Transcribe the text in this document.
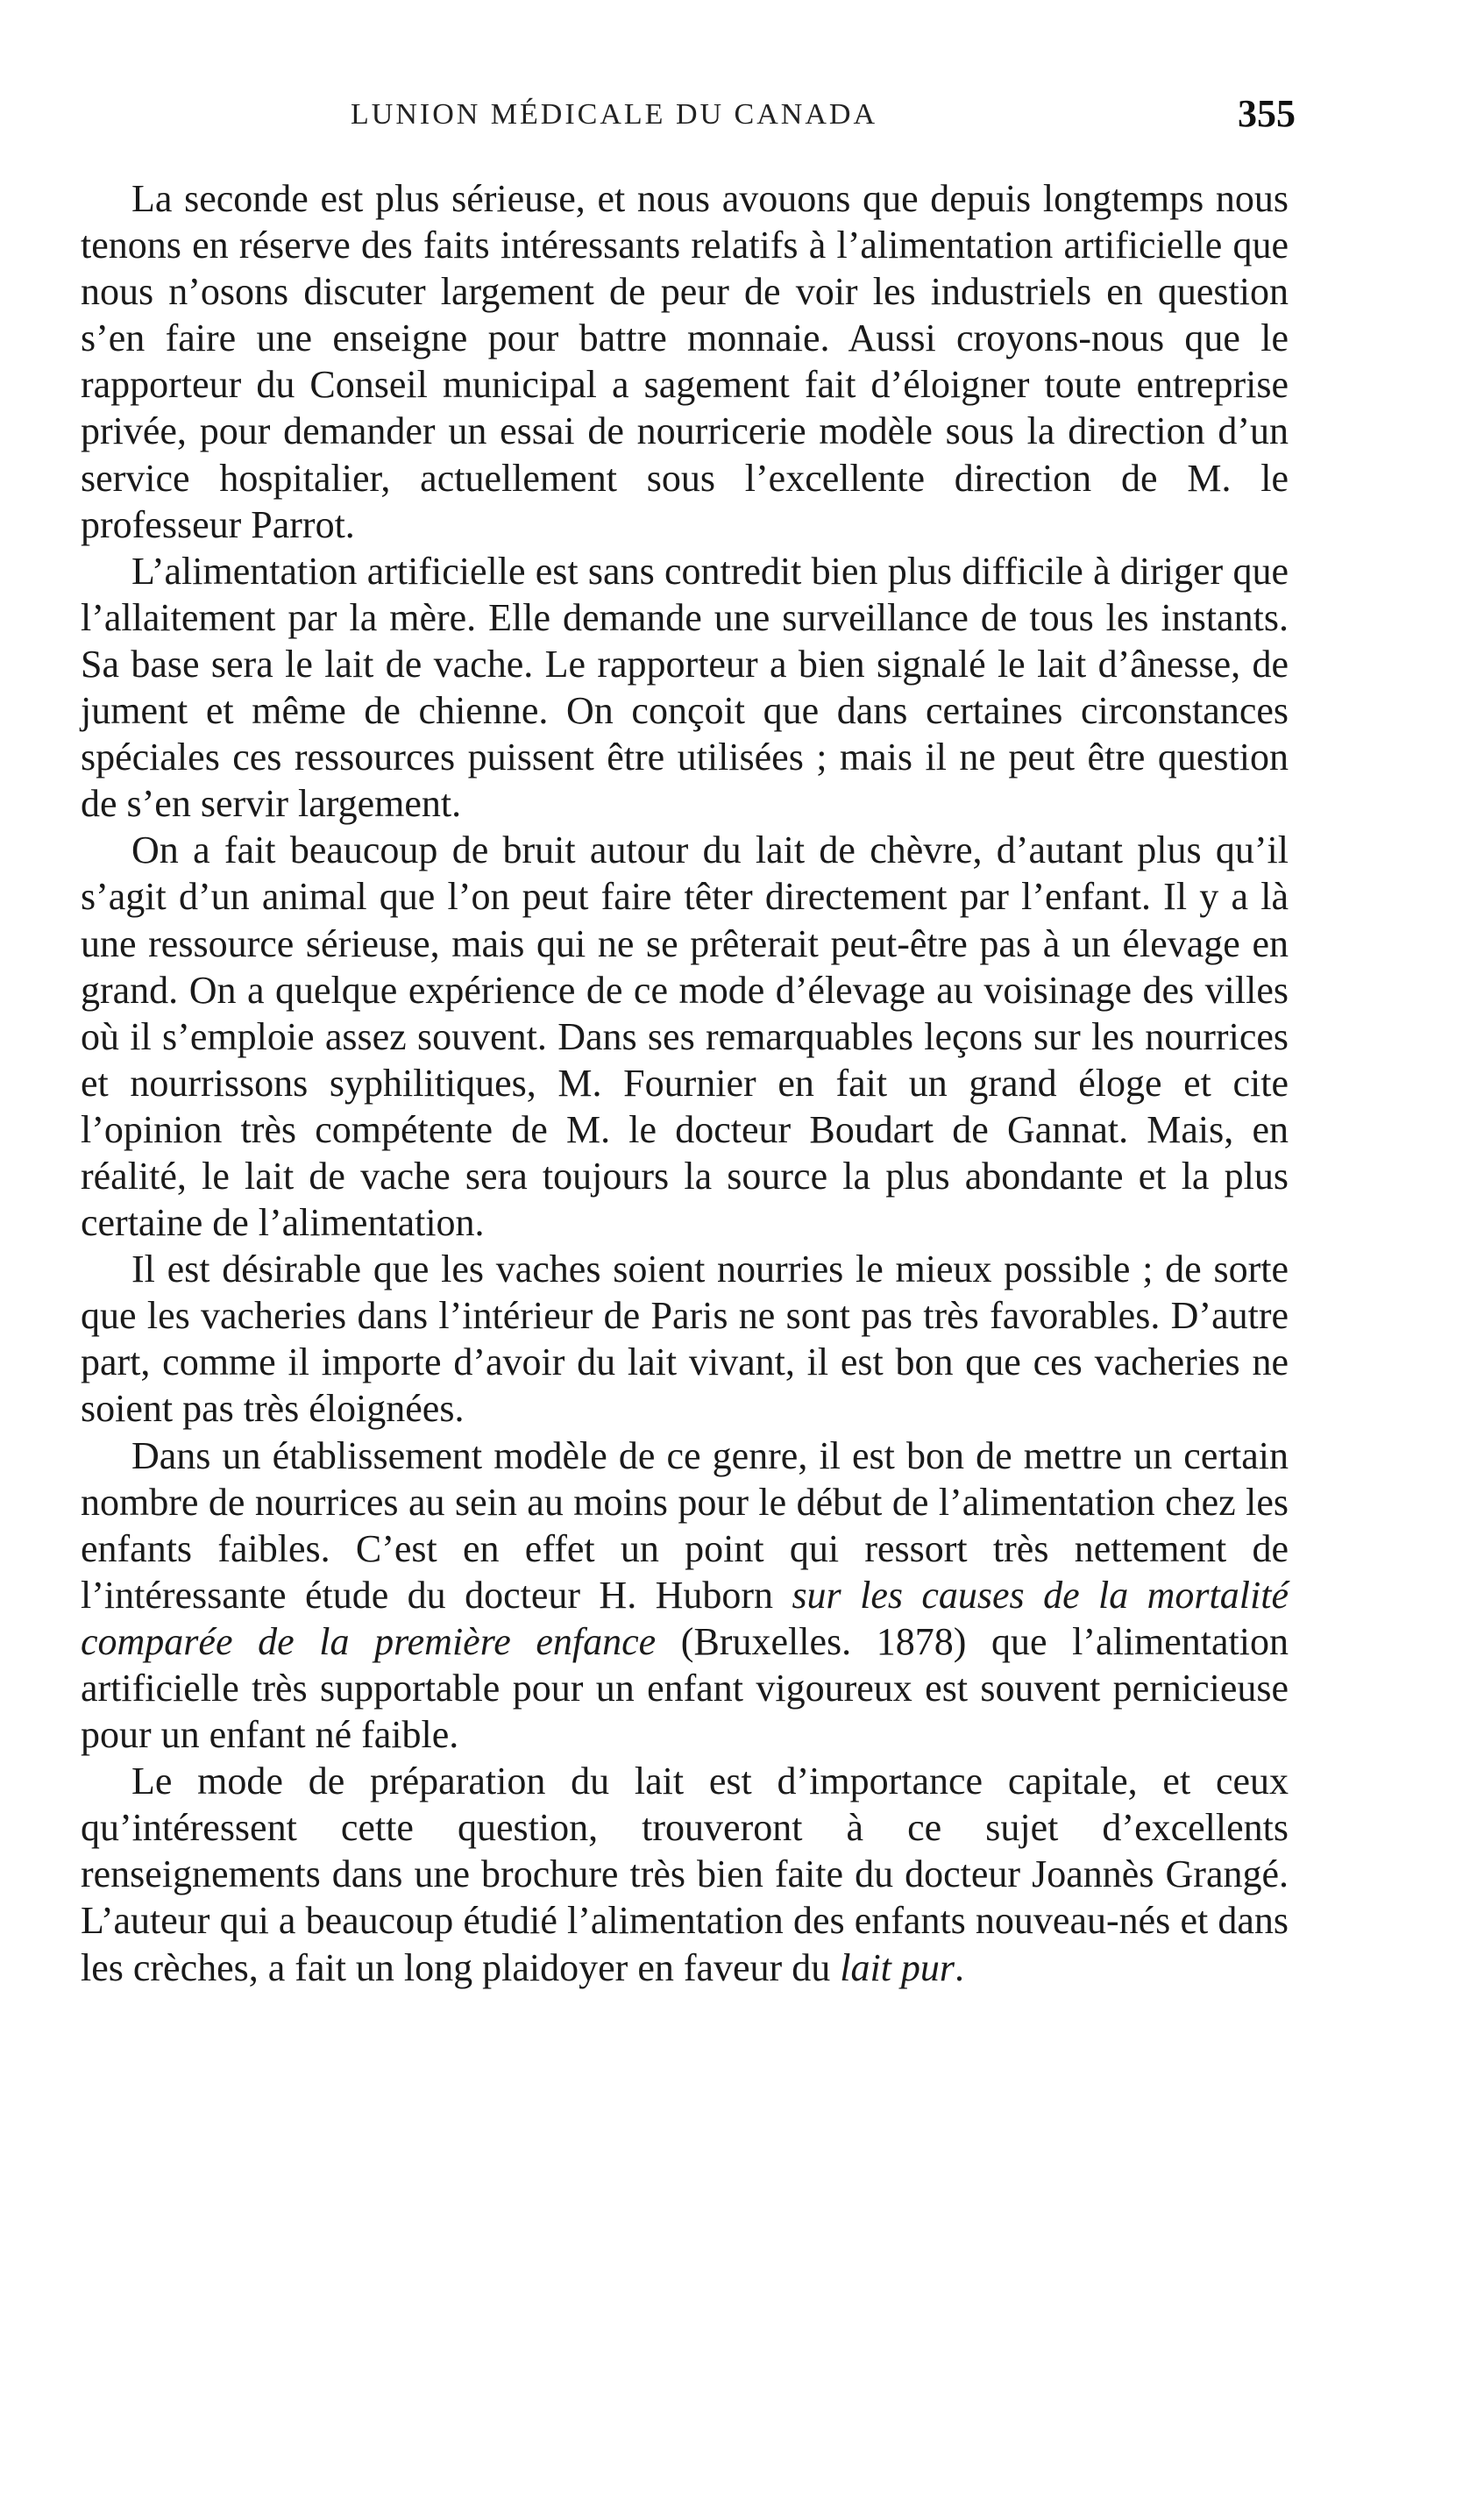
LUNION MÉDICALE DU CANADA	355

La seconde est plus sérieuse, et nous avouons que depuis longtemps nous tenons en réserve des faits intéressants relatifs à l’alimentation artificielle que nous n’osons discuter largement de peur de voir les industriels en question s’en faire une enseigne pour battre monnaie. Aussi croyons-nous que le rapporteur du Conseil municipal a sagement fait d’éloigner toute entreprise privée, pour demander un essai de nourricerie modèle sous la direction d’un service hospitalier, actuellement sous l’excellente direction de M. le professeur Parrot.

L’alimentation artificielle est sans contredit bien plus difficile à diriger que l’allaitement par la mère. Elle demande une surveillance de tous les instants. Sa base sera le lait de vache. Le rapporteur a bien signalé le lait d’ânesse, de jument et même de chienne. On conçoit que dans certaines circonstances spéciales ces ressources puissent être utilisées ; mais il ne peut être question de s’en servir largement.

On a fait beaucoup de bruit autour du lait de chèvre, d’autant plus qu’il s’agit d’un animal que l’on peut faire têter directement par l’enfant. Il y a là une ressource sérieuse, mais qui ne se prêterait peut-être pas à un élevage en grand. On a quelque expérience de ce mode d’élevage au voisinage des villes où il s’emploie assez souvent. Dans ses remarquables leçons sur les nourrices et nourrissons syphilitiques, M. Fournier en fait un grand éloge et cite l’opinion très compétente de M. le docteur Boudart de Gannat. Mais, en réalité, le lait de vache sera toujours la source la plus abondante et la plus certaine de l’alimentation.

Il est désirable que les vaches soient nourries le mieux possible ; de sorte que les vacheries dans l’intérieur de Paris ne sont pas très favorables. D’autre part, comme il importe d’avoir du lait vivant, il est bon que ces vacheries ne soient pas très éloignées.

Dans un établissement modèle de ce genre, il est bon de mettre un certain nombre de nourrices au sein au moins pour le début de l’alimentation chez les enfants faibles. C’est en effet un point qui ressort très nettement de l’intéressante étude du docteur H. Huborn sur les causes de la mortalité comparée de la première enfance (Bruxelles. 1878) que l’alimentation artificielle très supportable pour un enfant vigoureux est souvent pernicieuse pour un enfant né faible.

Le mode de préparation du lait est d’importance capitale, et ceux qu’intéressent cette question, trouveront à ce sujet d’excellents renseignements dans une brochure très bien faite du docteur Joannès Grangé. L’auteur qui a beaucoup étudié l’alimentation des enfants nouveau-nés et dans les crèches, a fait un long plaidoyer en faveur du lait pur.
